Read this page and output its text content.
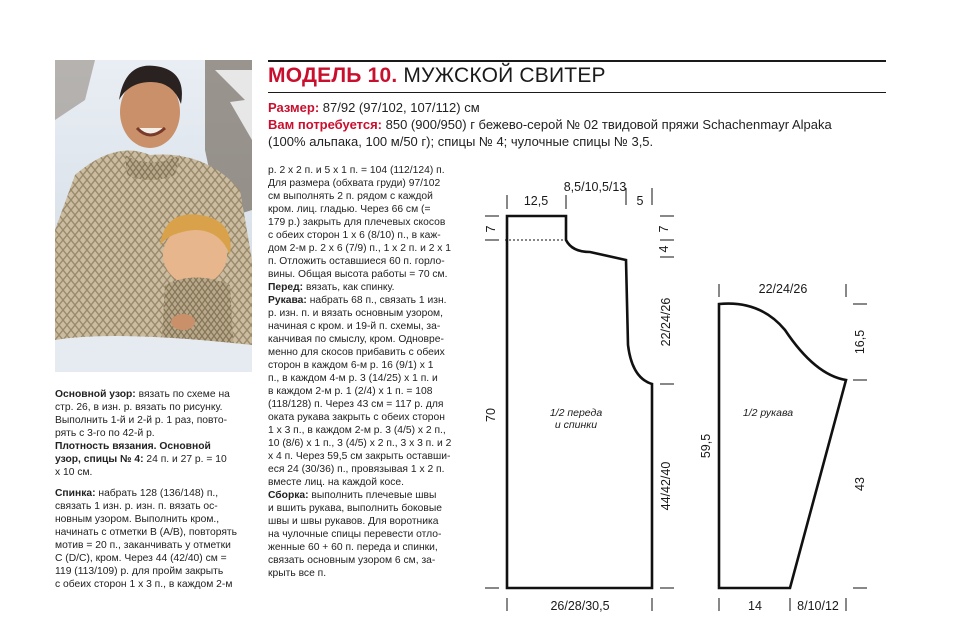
МОДЕЛЬ 10. МУЖСКОЙ СВИТЕР
Размер: 87/92 (97/102, 107/112) см
Вам потребуется: 850 (900/950) г бежево-серой № 02 твидовой пряжи Schachenmayr Alpaka
(100% альпака, 100 м/50 г); спицы № 4; чулочные спицы № 3,5.
Основной узор: вязать по схеме на
стр. 26, в изн. р. вязать по рисунку.
Выполнить 1-й и 2-й р. 1 раз, повто-
рять с 3-го по 42-й р.
Плотность вязания. Основной
узор, спицы № 4: 24 п. и 27 р. = 10
х 10 см.
Спинка: набрать 128 (136/148) п.,
связать 1 изн. р. изн. п. вязать ос-
новным узором. Выполнить кром.,
начинать с отметки В (А/В), повторять
мотив = 20 п., заканчивать у отметки
С (D/C), кром. Через 44 (42/40) см =
119 (113/109) р. для пройм закрыть
с обеих сторон 1 х 3 п., в каждом 2-м
р. 2 х 2 п. и 5 х 1 п. = 104 (112/124) п.
Для размера (обхвата груди) 97/102
см выполнять 2 п. рядом с каждой
кром. лиц. гладью. Через 66 см (=
179 р.) закрыть для плечевых скосов
с обеих сторон 1 х 6 (8/10) п., в каж-
дом 2-м р. 2 х 6 (7/9) п., 1 х 2 п. и 2 х 1
п. Отложить оставшиеся 60 п. горло-
вины. Общая высота работы = 70 см.
Перед: вязать, как спинку.
Рукава: набрать 68 п., связать 1 изн.
р. изн. п. и вязать основным узором,
начиная с кром. и 19-й п. схемы, за-
канчивая по смыслу, кром. Одновре-
менно для скосов прибавить с обеих
сторон в каждом 6-м р. 16 (9/1) х 1
п., в каждом 4-м р. 3 (14/25) х 1 п. и
в каждом 2-м р. 1 (2/4) х 1 п. = 108
(118/128) п. Через 43 см = 117 р. для
оката рукава закрыть с обеих сторон
1 х 3 п., в каждом 2-м р. 3 (4/5) х 2 п.,
10 (8/6) х 1 п., 3 (4/5) х 2 п., 3 х 3 п. и 2
х 4 п. Через 59,5 см закрыть оставши-
еся 24 (30/36) п., провязывая 1 х 2 п.
вместе лиц. на каждой косе.
Сборка: выполнить плечевые швы
и вшить рукава, выполнить боковые
швы и швы рукавов. Для воротника
на чулочные спицы перевести отло-
женные 60 + 60 п. переда и спинки,
связать основным узором 6 см, за-
крыть все п.
8,5/10,5/13
12,5	5
7
4
7
22/24/26
70
44/42/40
26/28/30,5
1/2 переда
и спинки
22/24/26
16,5
59,5
43
14	8/10/12
1/2 рукава
